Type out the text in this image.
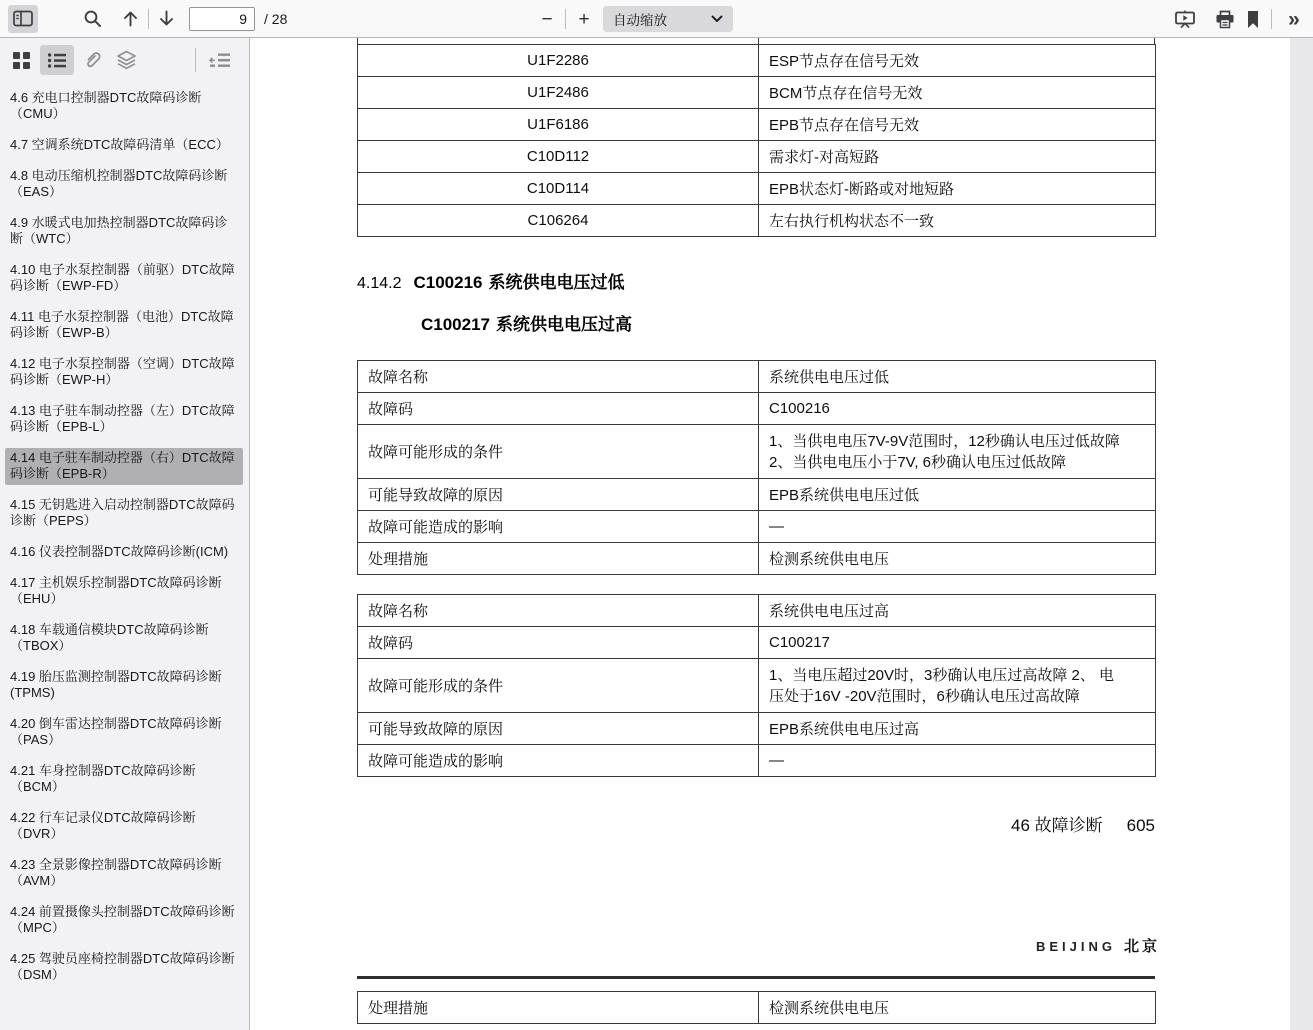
9
/ 28	− + 自动缩放	»
4.6 充电口控制器DTC故障码诊断（CMU）
4.7 空调系统DTC故障码清单（ECC）
4.8 电动压缩机控制器DTC故障码诊断（EAS）
4.9 水暖式电加热控制器DTC故障码诊断（WTC）
4.10 电子水泵控制器（前驱）DTC故障码诊断（EWP-FD）
4.11 电子水泵控制器（电池）DTC故障码诊断（EWP-B）
4.12 电子水泵控制器（空调）DTC故障码诊断（EWP-H）
4.13 电子驻车制动控器（左）DTC故障码诊断（EPB-L）
4.14 电子驻车制动控器（右）DTC故障码诊断（EPB-R）
4.15 无钥匙进入启动控制器DTC故障码诊断（PEPS）
4.16 仪表控制器DTC故障码诊断(ICM)
4.17 主机娱乐控制器DTC故障码诊断（EHU）
4.18 车载通信模块DTC故障码诊断（TBOX）
4.19 胎压监测控制器DTC故障码诊断(TPMS)
4.20 倒车雷达控制器DTC故障码诊断（PAS）
4.21 车身控制器DTC故障码诊断（BCM）
4.22 行车记录仪DTC故障码诊断（DVR）
4.23 全景影像控制器DTC故障码诊断（AVM）
4.24 前置摄像头控制器DTC故障码诊断（MPC）
4.25 驾驶员座椅控制器DTC故障码诊断（DSM）
U1F2286	ESP节点存在信号无效
U1F2486	BCM节点存在信号无效
U1F6186	EPB节点存在信号无效
C10D112	需求灯-对高短路
C10D114	EPB状态灯-断路或对地短路
C106264	左右执行机构状态不一致
4.14.2 C100216 系统供电电压过低
C100217 系统供电电压过高
故障名称	系统供电电压过低
故障码	C100216
故障可能形成的条件	1、当供电电压7V-9V范围时，12秒确认电压过低故障
2、当供电电压小于7V, 6秒确认电压过低故障

可能导致故障的原因	EPB系统供电电压过低
故障可能造成的影响	—
处理措施	检测系统供电电压
故障名称	系统供电电压过高
故障码	C100217
故障可能形成的条件	1、当电压超过20V时，3秒确认电压过高故障 2、 电
压处于16V -20V范围时，6秒确认电压过高故障

可能导致故障的原因	EPB系统供电电压过高
故障可能造成的影响	—
46 故障诊断 605
BEIJING 北京
处理措施	检测系统供电电压
